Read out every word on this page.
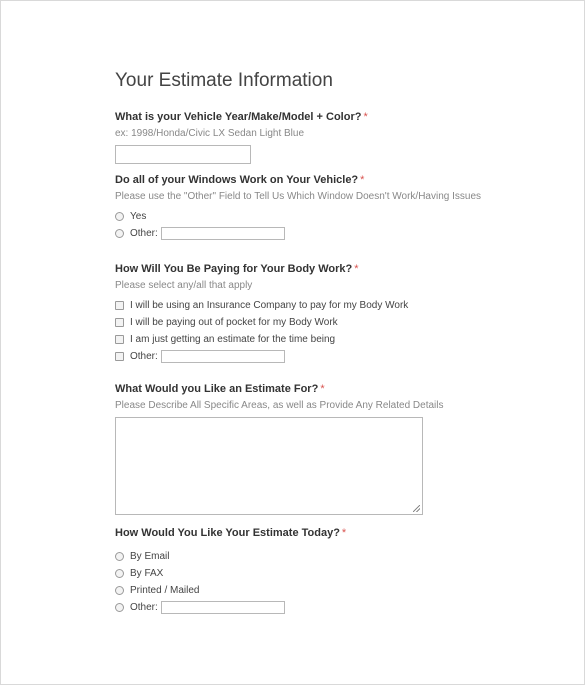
Your Estimate Information

What is your Vehicle Year/Make/Model + Color? *

ex: 1998/Honda/Civic LX Sedan Light Blue

Do all of your Windows Work on Your Vehicle? *

Please use the "Other" Field to Tell Us Which Window Doesn't Work/Having Issues

Yes
Other:

How Will You Be Paying for Your Body Work? *

Please select any/all that apply

I will be using an Insurance Company to pay for my Body Work
I will be paying out of pocket for my Body Work
I am just getting an estimate for the time being
Other:

What Would you Like an Estimate For? *

Please Describe All Specific Areas, as well as Provide Any Related Details

How Would You Like Your Estimate Today? *

By Email
By FAX
Printed / Mailed
Other:
